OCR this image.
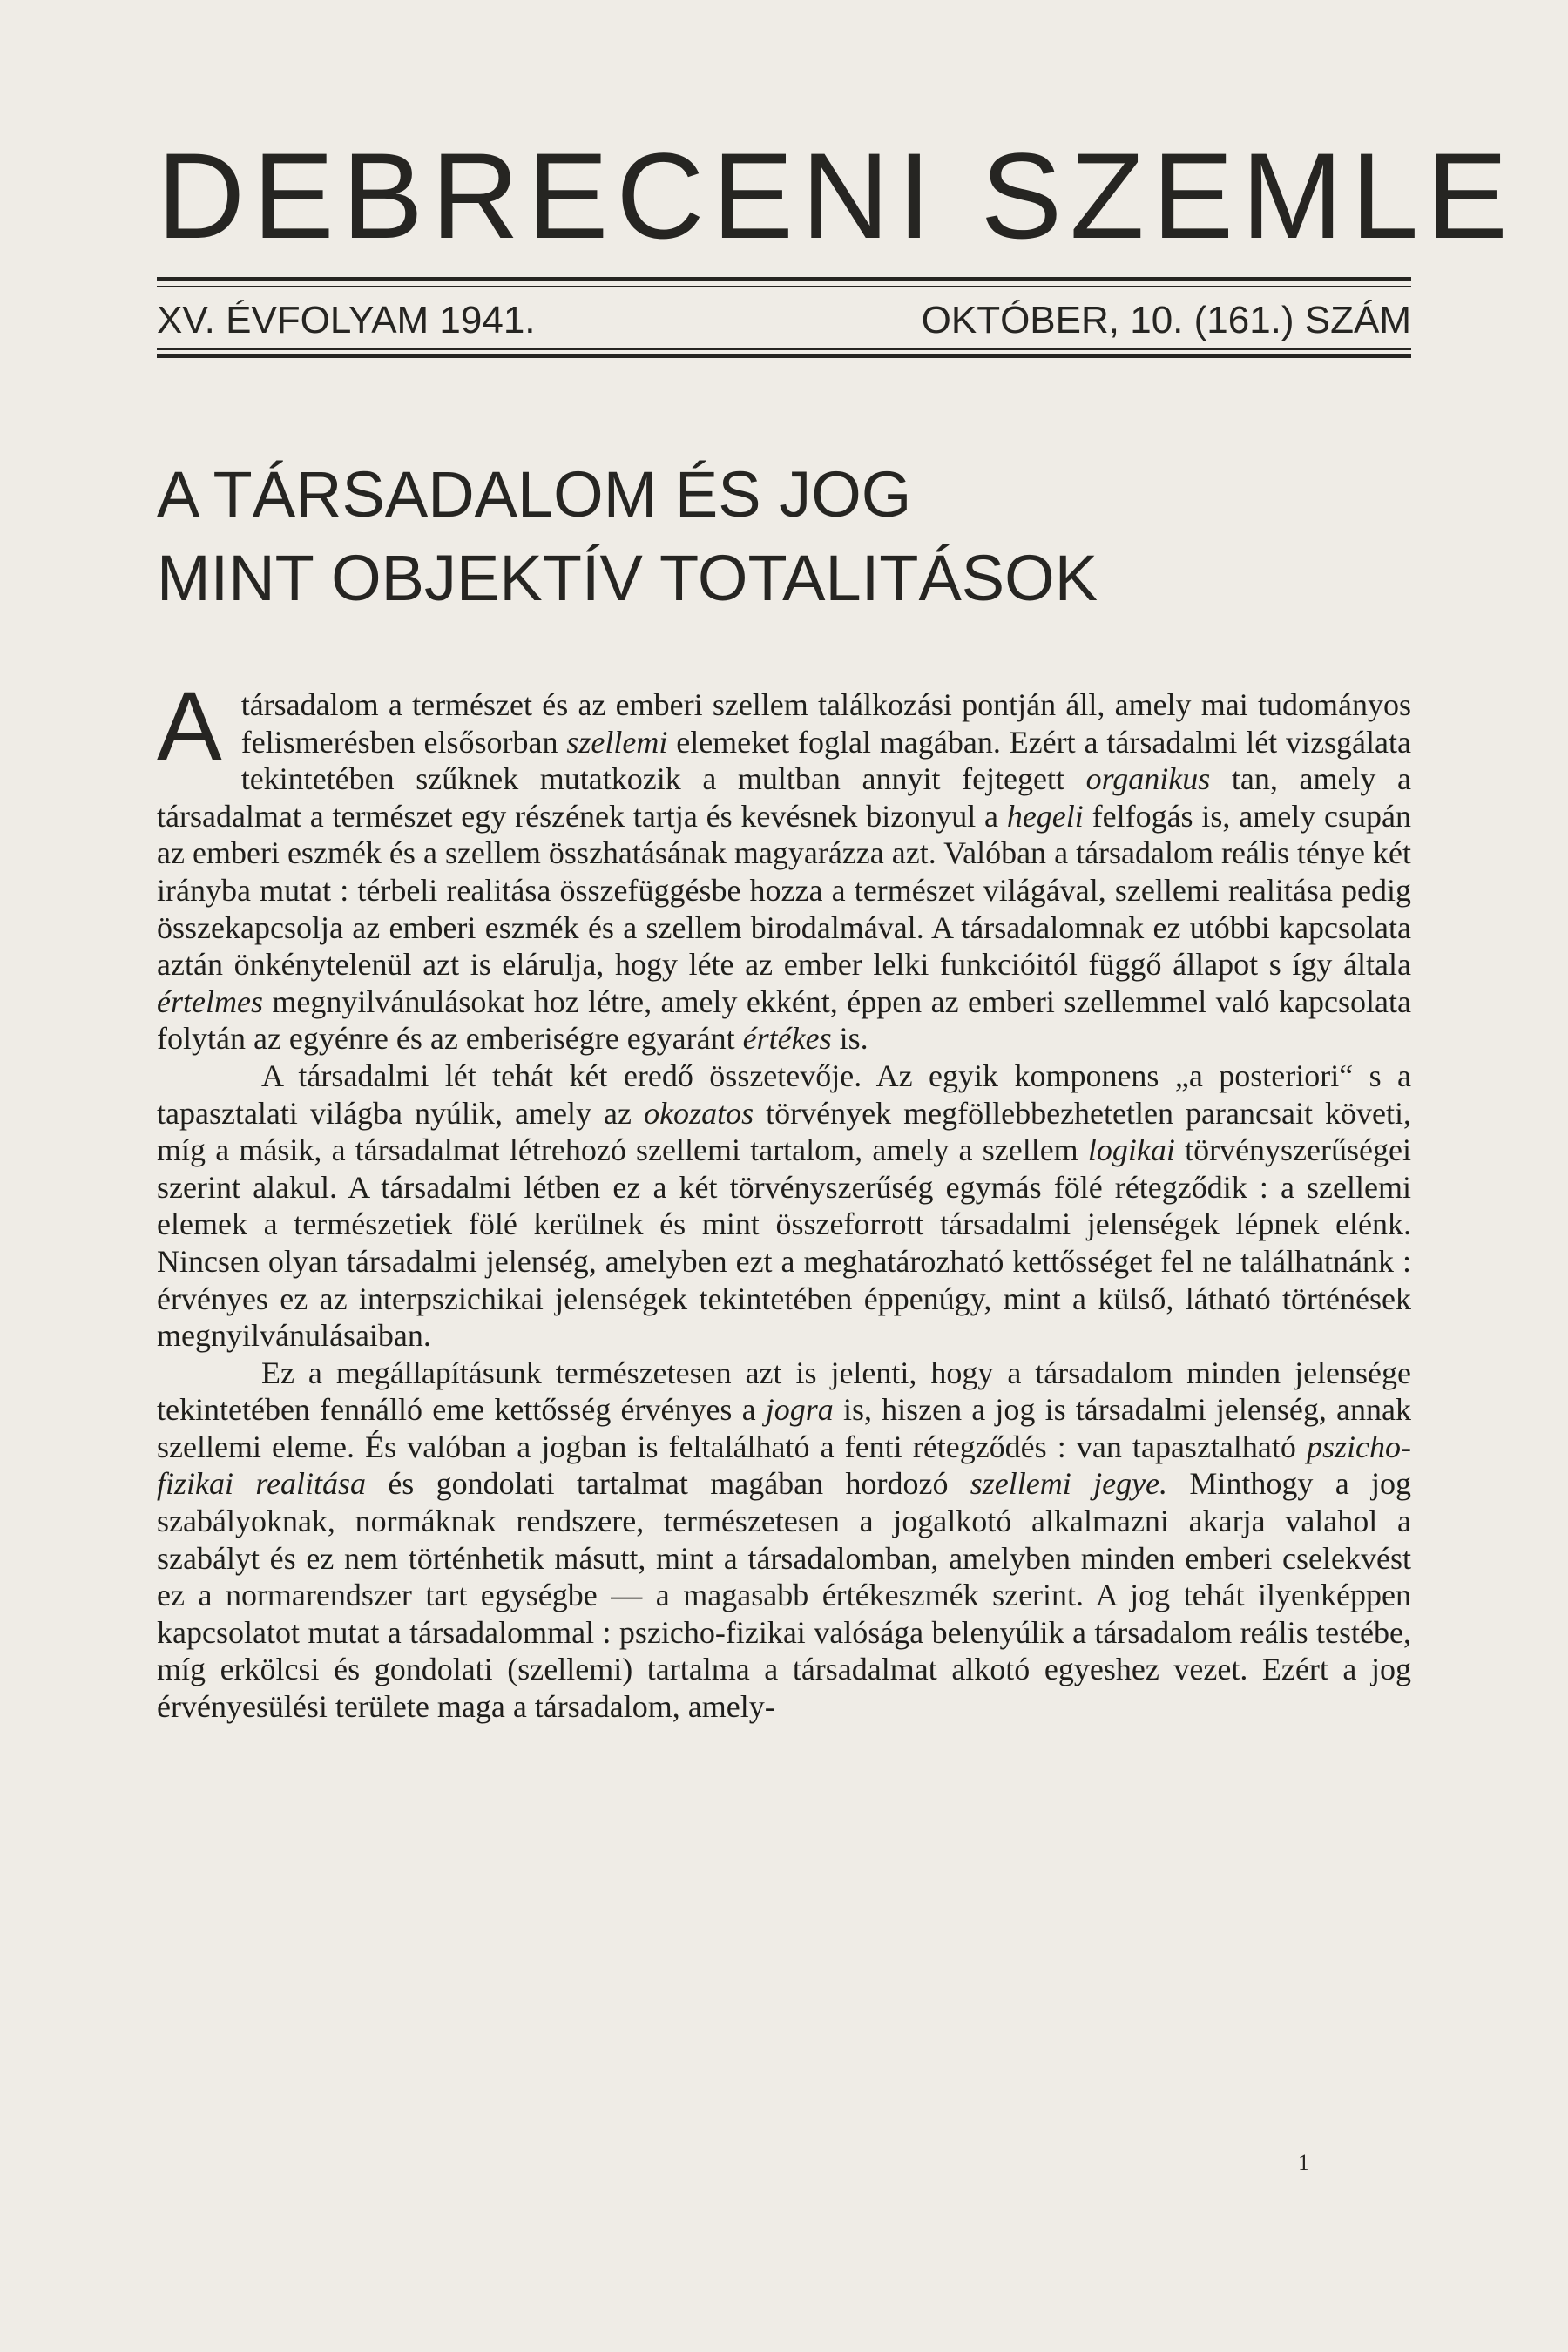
DEBRECENI SZEMLE
XV. ÉVFOLYAM 1941.	OKTÓBER, 10. (161.) SZÁM
A TÁRSADALOM ÉS JOG
MINT OBJEKTÍV TOTALITÁSOK

A társadalom a természet és az emberi szellem találkozási pontján áll, amely mai tudományos felismerésben elsősorban szellemi elemeket foglal magában. Ezért a társadalmi lét vizsgálata tekintetében szűknek mutatkozik a multban annyit fejtegett organikus tan, amely a társadalmat a természet egy részének tartja és kevésnek bizonyul a hegeli felfogás is, amely csupán az emberi eszmék és a szellem összhatásának magyarázza azt. Valóban a társadalom reális ténye két irányba mutat : térbeli realitása összefüggésbe hozza a természet világával, szellemi realitása pedig összekapcsolja az emberi eszmék és a szellem birodalmával. A társadalomnak ez utóbbi kapcsolata aztán önkénytelenül azt is elárulja, hogy léte az ember lelki funkcióitól függő állapot s így általa értelmes megnyilvánulásokat hoz létre, amely ekként, éppen az emberi szellemmel való kapcsolata folytán az egyénre és az emberiségre egyaránt értékes is.

A társadalmi lét tehát két eredő összetevője. Az egyik komponens „a posteriori“ s a tapasztalati világba nyúlik, amely az okozatos törvények megföllebbezhetetlen parancsait követi, míg a másik, a társadalmat létrehozó szellemi tartalom, amely a szellem logikai törvényszerűségei szerint alakul. A társadalmi létben ez a két törvényszerűség egymás fölé rétegződik : a szellemi elemek a természetiek fölé kerülnek és mint összeforrott társadalmi jelenségek lépnek elénk. Nincsen olyan társadalmi jelenség, amelyben ezt a meghatározható kettősséget fel ne találhatnánk : érvényes ez az interpszichikai jelenségek tekintetében éppenúgy, mint a külső, látható történések megnyilvánulásaiban.

Ez a megállapításunk természetesen azt is jelenti, hogy a társadalom minden jelensége tekintetében fennálló eme kettősség érvényes a jogra is, hiszen a jog is társadalmi jelenség, annak szellemi eleme. És valóban a jogban is feltalálható a fenti rétegződés : van tapasztalható pszicho-fizikai realitása és gondolati tartalmat magában hordozó szellemi jegye. Minthogy a jog szabályoknak, normáknak rendszere, természetesen a jogalkotó alkalmazni akarja valahol a szabályt és ez nem történhetik másutt, mint a társadalomban, amelyben minden emberi cselekvést ez a normarendszer tart egységbe — a magasabb értékeszmék szerint. A jog tehát ilyenképpen kapcsolatot mutat a társadalommal : pszicho-fizikai valósága belenyúlik a társadalom reális testébe, míg erkölcsi és gondolati (szellemi) tartalma a társadalmat alkotó egyeshez vezet. Ezért a jog érvényesülési területe maga a társadalom, amely-

1
